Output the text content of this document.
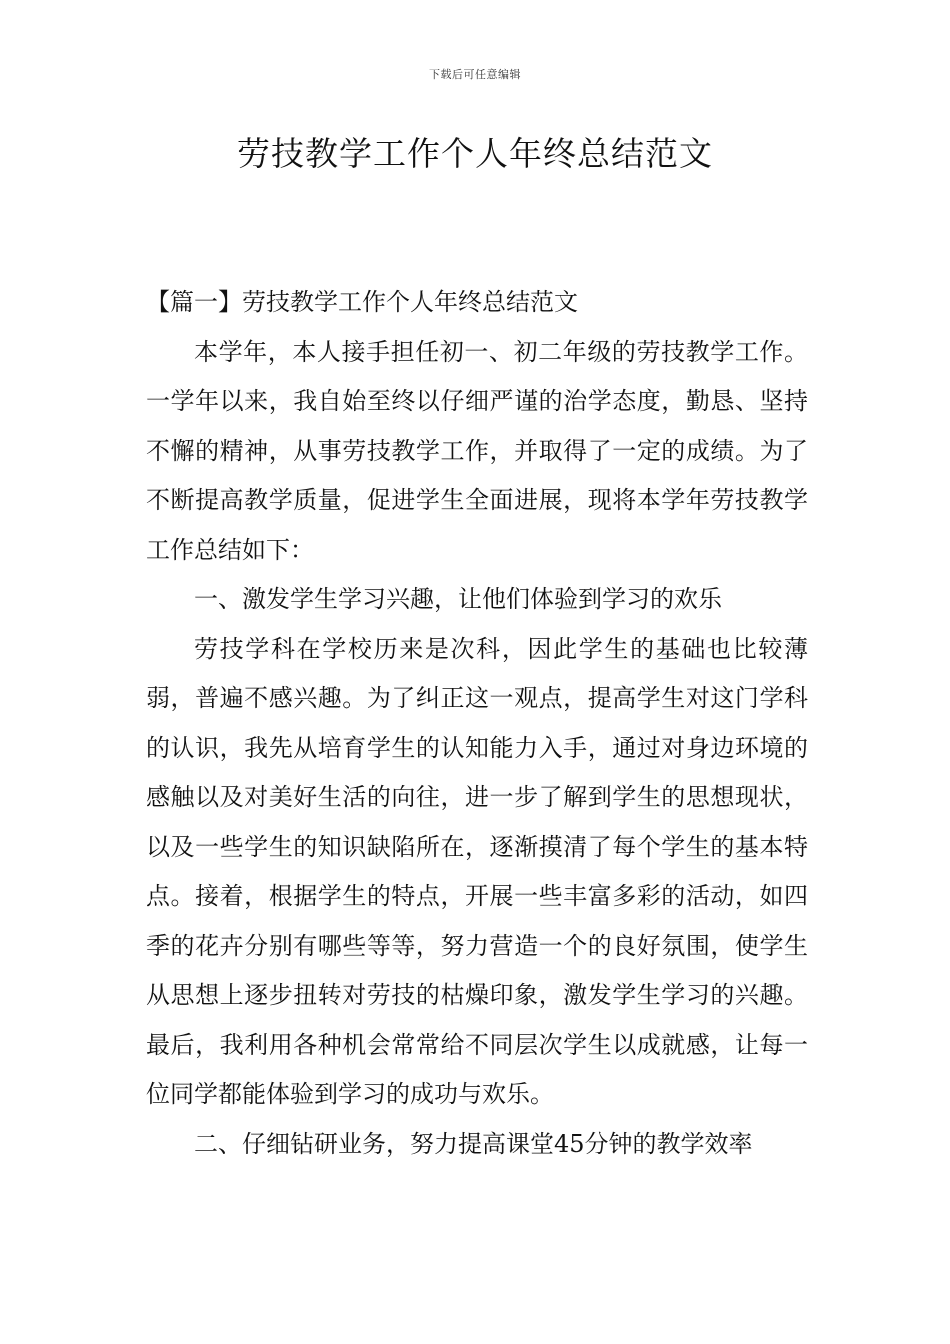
下载后可任意编辑
劳技教学工作个人年终总结范文

【篇一】劳技教学工作个人年终总结范文

本学年，本人接手担任初一、初二年级的劳技教学工作。一学年以来，我自始至终以仔细严谨的治学态度，勤恳、坚持不懈的精神，从事劳技教学工作，并取得了一定的成绩。为了不断提高教学质量，促进学生全面进展，现将本学年劳技教学工作总结如下：

一、激发学生学习兴趣，让他们体验到学习的欢乐

劳技学科在学校历来是次科，因此学生的基础也比较薄弱，普遍不感兴趣。为了纠正这一观点，提高学生对这门学科的认识，我先从培育学生的认知能力入手，通过对身边环境的感触以及对美好生活的向往，进一步了解到学生的思想现状，以及一些学生的知识缺陷所在，逐渐摸清了每个学生的基本特点。接着，根据学生的特点，开展一些丰富多彩的活动，如四季的花卉分别有哪些等等，努力营造一个的良好氛围，使学生从思想上逐步扭转对劳技的枯燥印象，激发学生学习的兴趣。最后，我利用各种机会常常给不同层次学生以成就感，让每一位同学都能体验到学习的成功与欢乐。

二、仔细钻研业务，努力提高课堂45分钟的教学效率
